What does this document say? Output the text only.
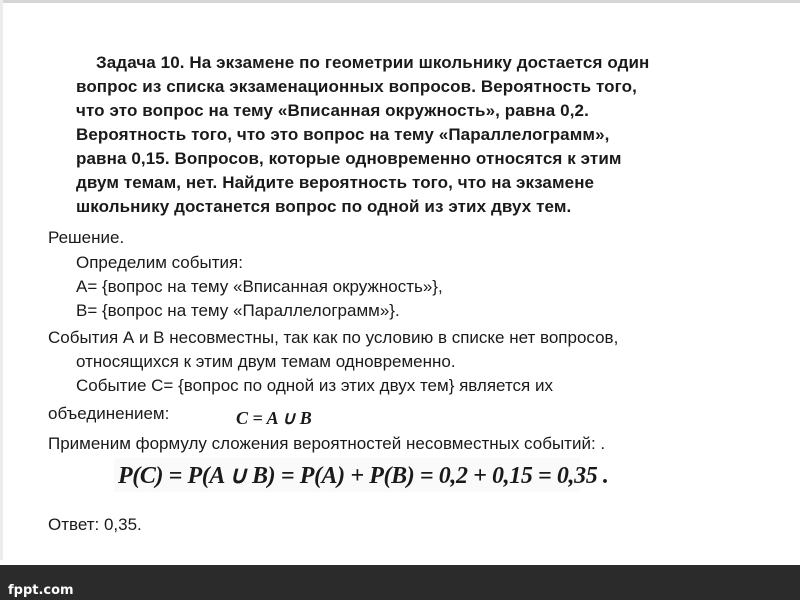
Задача 10. На экзамене по геометрии школьнику достается один
вопрос из списка экзаменационных вопросов. Вероятность того,
что это вопрос на тему «Вписанная окружность», равна 0,2.
Вероятность того, что это вопрос на тему «Параллелограмм»,
равна 0,15. Вопросов, которые одновременно относятся к этим
двум темам, нет. Найдите вероятность того, что на экзамене
школьнику достанется вопрос по одной из этих двух тем.
Решение.
Определим события:
А= {вопрос на тему «Вписанная окружность»},
В= {вопрос на тему «Параллелограмм»}.
События А и В несовместны, так как по условию в списке нет вопросов,
относящихся к этим двум темам одновременно.
Событие С= {вопрос по одной из этих двух тем} является их
объединением:	C = A ∪ B
Применим формулу сложения вероятностей несовместных событий: .
P(C) = P(A ∪ B) = P(A) + P(B) = 0,2 + 0,15 = 0,35 .
Ответ: 0,35.
fppt.com
